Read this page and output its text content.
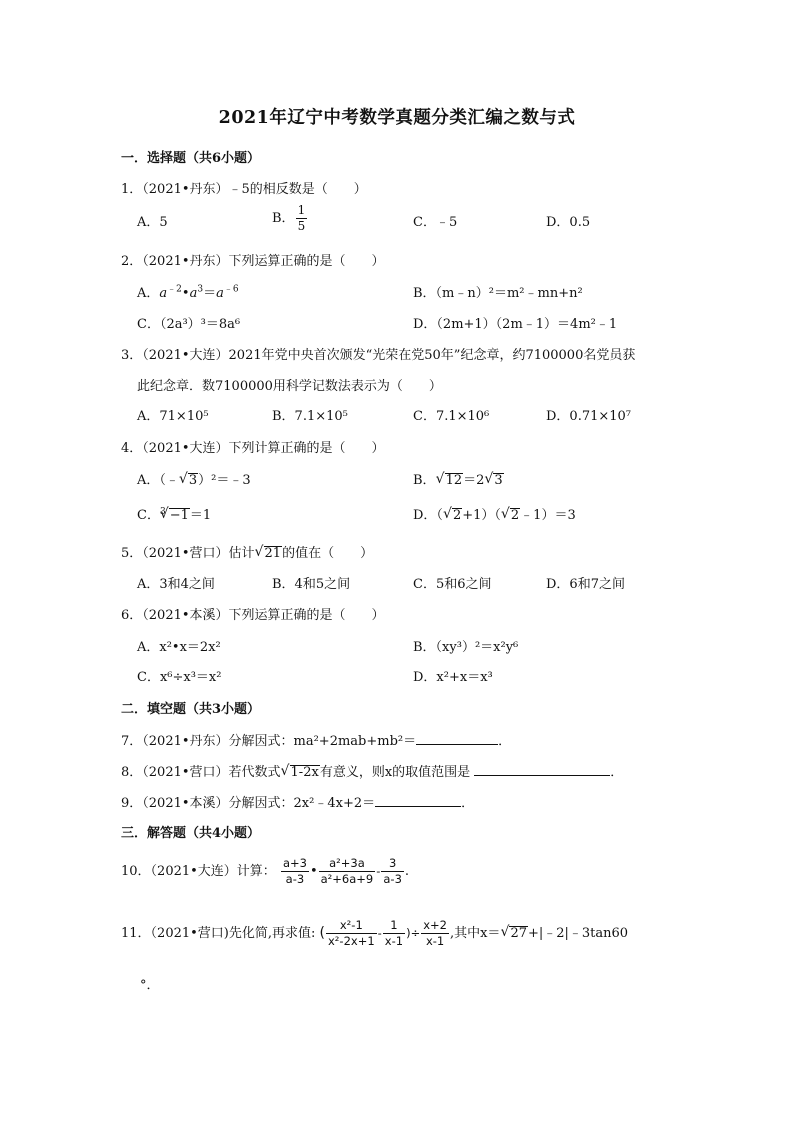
2021年辽宁中考数学真题分类汇编之数与式
一．选择题（共6小题）
1．（2021•丹东）﹣5的相反数是（　　）
A．5	B． $\frac{1}{5}$	C．﹣5	D．0.5
2．（2021•丹东）下列运算正确的是（　　）
A．$a^{﹣2}•a^3=a^{﹣6}$	B．（m﹣n）²＝m²﹣mn+n²
C．（2a³）³＝8a⁶	D．（2m+1）（2m﹣1）＝4m²﹣1
3．（2021•大连）2021年党中央首次颁发“光荣在党50年”纪念章，约7100000名党员获
此纪念章．数7100000用科学记数法表示为（　　）
A．71×10⁵	B．7.1×10⁵	C．7.1×10⁶	D．0.71×10⁷
4．（2021•大连）下列计算正确的是（　　）
A．（﹣ √ 3）²＝﹣3	B． √ 12＝2 √ 3
C．$^3$ √ −1＝1	D．（ √ 2+1）（ √ 2﹣1）＝3
5．（2021•营口）估计 √ 21的值在（　　）
A．3和4之间	B．4和5之间	C．5和6之间	D．6和7之间
6．（2021•本溪）下列运算正确的是（　　）
A．x²•x＝2x²	B．（xy³）²＝x²y⁶
C．x⁶÷x³＝x²	D．x²+x＝x³
二．填空题（共3小题）
7．（2021•丹东）分解因式：ma²+2mab+mb²＝	．
8．（2021•营口）若代数式 √ 1-2x有意义，则x的取值范围是	．
9．（2021•本溪）分解因式：2x²﹣4x+2＝	．
三．解答题（共4小题）
10．（2021•大连）计算： $\frac{a+3}{a-3}$ • $\frac{\text{a²+3a}}{\text{a²+6a+9}} - \frac{3}{a-3}$ .
11．（2021•营口)先化简,再求值: ( $\frac{\text{x²-1}}{\text{x²-2x+1}} - \frac{1}{x-1}$ )÷ $\frac{x+2}{x-1}$ ,其中x＝ √ 27+|﹣2|﹣3tan60
°．
